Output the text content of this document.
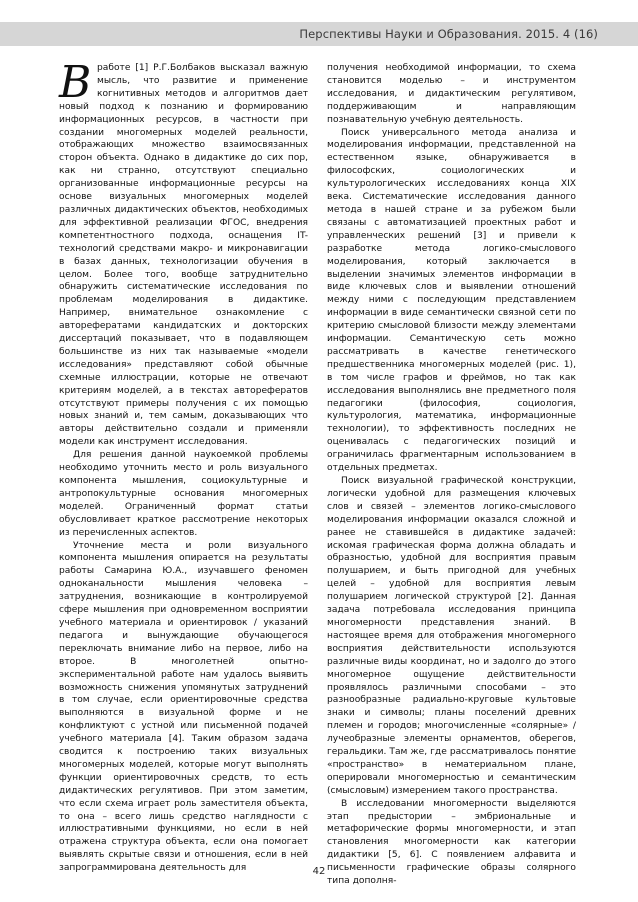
Перспективы Науки и Образования. 2015. 4 (16)

Вработе [1] Р.Г.Болбаков высказал важную мысль, что развитие и применение когнитивных методов и алгоритмов дает новый подход к познанию и формированию информационных ресурсов, в частности при создании многомерных моделей реальности, отображающих множество взаимосвязанных сторон объекта. Однако в дидактике до сих пор, как ни странно, отсутствуют специально организованные информационные ресурсы на основе визуальных многомерных моделей различных дидактических объектов, необходимых для эффективной реализации ФГОС, внедрения компетентностного подхода, оснащения IT-технологий средствами макро- и микронавигации в базах данных, технологизации обучения в целом. Более того, вообще затруднительно обнаружить систематические исследования по проблемам моделирования в дидактике. Например, внимательное ознакомление с авторефератами кандидатских и докторских диссертаций показывает, что в подавляющем большинстве из них так называемые «модели исследования» представляют собой обычные схемные иллюстрации, которые не отвечают критериям моделей, а в текстах авторефератов отсутствуют примеры получения с их помощью новых знаний и, тем самым, доказывающих что авторы действительно создали и применяли модели как инструмент исследования.

Для решения данной наукоемкой проблемы необходимо уточнить место и роль визуального компонента мышления, социокультурные и антропокультурные основания многомерных моделей. Ограниченный формат статьи обусловливает краткое рассмотрение некоторых из перечисленных аспектов.

Уточнение места и роли визуального компонента мышления опирается на результаты работы Самарина Ю.А., изучавшего феномен одноканальности мышления человека – затруднения, возникающие в контролируемой сфере мышления при одновременном восприятии учебного материала и ориентировок / указаний педагога и вынуждающие обучающегося переключать внимание либо на первое, либо на второе. В многолетней опытно-экспериментальной работе нам удалось выявить возможность снижения упомянутых затруднений в том случае, если ориентировочные средства выполняются в визуальной форме и не конфликтуют с устной или письменной подачей учебного материала [4]. Таким образом задача сводится к построению таких визуальных многомерных моделей, которые могут выполнять функции ориентировочных средств, то есть дидактических регулятивов. При этом заметим, что если схема играет роль заместителя объекта, то она – всего лишь средство наглядности с иллюстративными функциями, но если в ней отражена структура объекта, если она помогает выявлять скрытые связи и отношения, если в ней запрограммирована деятельность для

получения необходимой информации, то схема становится моделью – и инструментом исследования, и дидактическим регулятивом, поддерживающим и направляющим познавательную учебную деятельность.

Поиск универсального метода анализа и моделирования информации, представленной на естественном языке, обнаруживается в философских, социологических и культурологических исследованиях конца XIX века. Систематические исследования данного метода в нашей стране и за рубежом были связаны с автоматизацией проектных работ и управленческих решений [3] и привели к разработке метода логико-смыслового моделирования, который заключается в выделении значимых элементов информации в виде ключевых слов и выявлении отношений между ними с последующим представлением информации в виде семантически связной сети по критерию смысловой близости между элементами информации. Семантическую сеть можно рассматривать в качестве генетического предшественника многомерных моделей (рис. 1), в том числе графов и фреймов, но так как исследования выполнялись вне предметного поля педагогики (философия, социология, культурология, математика, информационные технологии), то эффективность последних не оценивалась с педагогических позиций и ограничилась фрагментарным использованием в отдельных предметах.

Поиск визуальной графической конструкции, логически удобной для размещения ключевых слов и связей – элементов логико-смыслового моделирования информации оказался сложной и ранее не ставившейся в дидактике задачей: искомая графическая форма должна обладать и образностью, удобной для восприятия правым полушарием, и быть пригодной для учебных целей – удобной для восприятия левым полушарием логической структурой [2]. Данная задача потребовала исследования принципа многомерности представления знаний. В настоящее время для отображения многомерного восприятия действительности используются различные виды координат, но и задолго до этого многомерное ощущение действительности проявлялось различными способами – это разнообразные радиально-круговые культовые знаки и символы; планы поселений древних племен и городов; многочисленные «солярные» / лучеобразные элементы орнаментов, оберегов, геральдики. Там же, где рассматривалось понятие «пространство» в нематериальном плане, оперировали многомерностью и семантическим (смысловым) измерением такого пространства.

В исследовании многомерности выделяются этап предыстории – эмбриональные и метафорические формы многомерности, и этап становления многомерности как категории дидактики [5, 6]. С появлением алфавита и письменности графические образы солярного типа дополня-

42
